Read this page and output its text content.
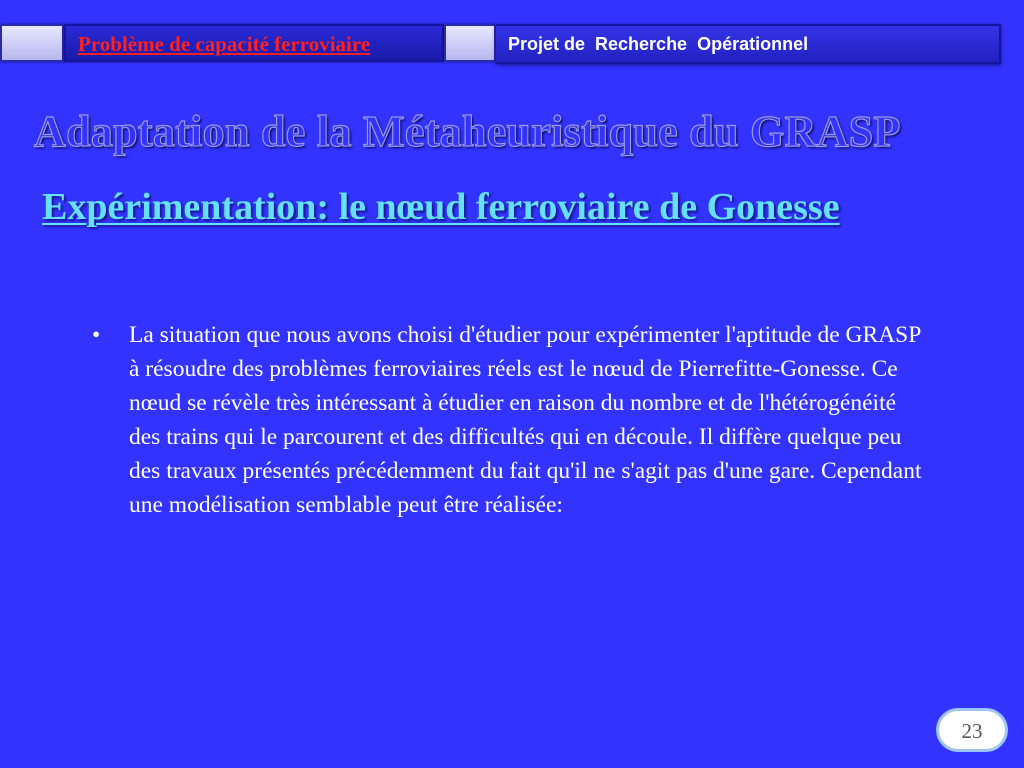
Problème de capacité ferroviaire	Projet de  Recherche  Opérationnel
Adaptation de la Métaheuristique du GRASP
Expérimentation: le nœud ferroviaire de Gonesse
• La situation que nous avons choisi d'étudier pour expérimenter l'aptitude de GRASP à résoudre des problèmes ferroviaires réels est le nœud de Pierrefitte-Gonesse. Ce nœud se révèle très intéressant à étudier en raison du nombre et de l'hétérogénéité des trains qui le parcourent et des difficultés qui en découle. Il diffère quelque peu des travaux présentés précédemment du fait qu'il ne s'agit pas d'une gare. Cependant une modélisation semblable peut être réalisée:
23
